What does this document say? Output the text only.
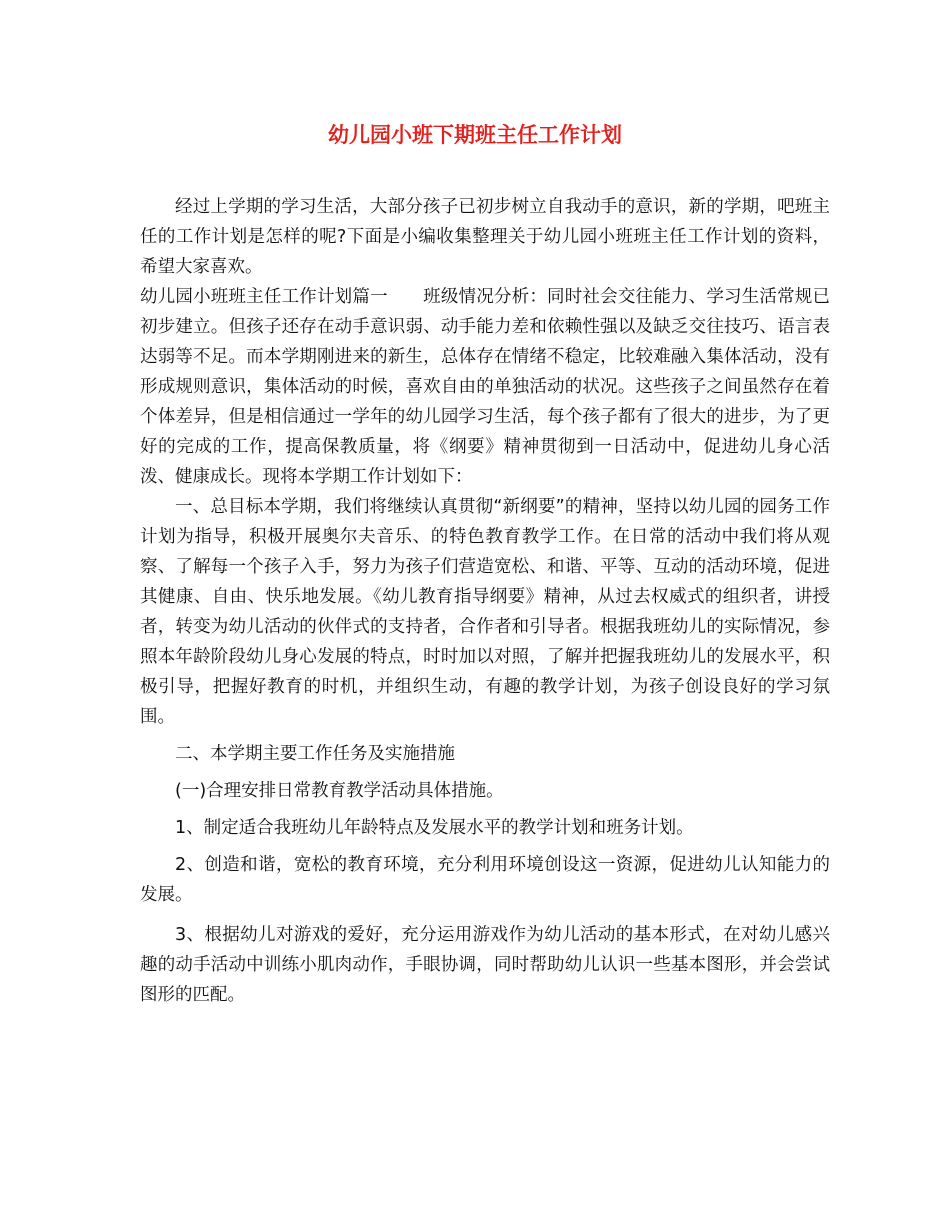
幼儿园小班下期班主任工作计划

经过上学期的学习生活，大部分孩子已初步树立自我动手的意识，新的学期，吧班主任的工作计划是怎样的呢?下面是小编收集整理关于幼儿园小班班主任工作计划的资料，希望大家喜欢。

幼儿园小班班主任工作计划篇一　　班级情况分析：同时社会交往能力、学习生活常规已初步建立。但孩子还存在动手意识弱、动手能力差和依赖性强以及缺乏交往技巧、语言表达弱等不足。而本学期刚进来的新生，总体存在情绪不稳定，比较难融入集体活动，没有形成规则意识，集体活动的时候，喜欢自由的单独活动的状况。这些孩子之间虽然存在着个体差异，但是相信通过一学年的幼儿园学习生活，每个孩子都有了很大的进步，为了更好的完成的工作，提高保教质量，将《纲要》精神贯彻到一日活动中，促进幼儿身心活泼、健康成长。现将本学期工作计划如下：

一、总目标本学期，我们将继续认真贯彻“新纲要”的精神，坚持以幼儿园的园务工作计划为指导，积极开展奥尔夫音乐、的特色教育教学工作。在日常的活动中我们将从观察、了解每一个孩子入手，努力为孩子们营造宽松、和谐、平等、互动的活动环境，促进其健康、自由、快乐地发展。《幼儿教育指导纲要》精神，从过去权威式的组织者，讲授者，转变为幼儿活动的伙伴式的支持者，合作者和引导者。根据我班幼儿的实际情况，参照本年龄阶段幼儿身心发展的特点，时时加以对照，了解并把握我班幼儿的发展水平，积极引导，把握好教育的时机，并组织生动，有趣的教学计划，为孩子创设良好的学习氛围。

二、本学期主要工作任务及实施措施

(一)合理安排日常教育教学活动具体措施。

1、制定适合我班幼儿年龄特点及发展水平的教学计划和班务计划。

2、创造和谐，宽松的教育环境，充分利用环境创设这一资源，促进幼儿认知能力的发展。

3、根据幼儿对游戏的爱好，充分运用游戏作为幼儿活动的基本形式，在对幼儿感兴趣的动手活动中训练小肌肉动作，手眼协调，同时帮助幼儿认识一些基本图形，并会尝试图形的匹配。
